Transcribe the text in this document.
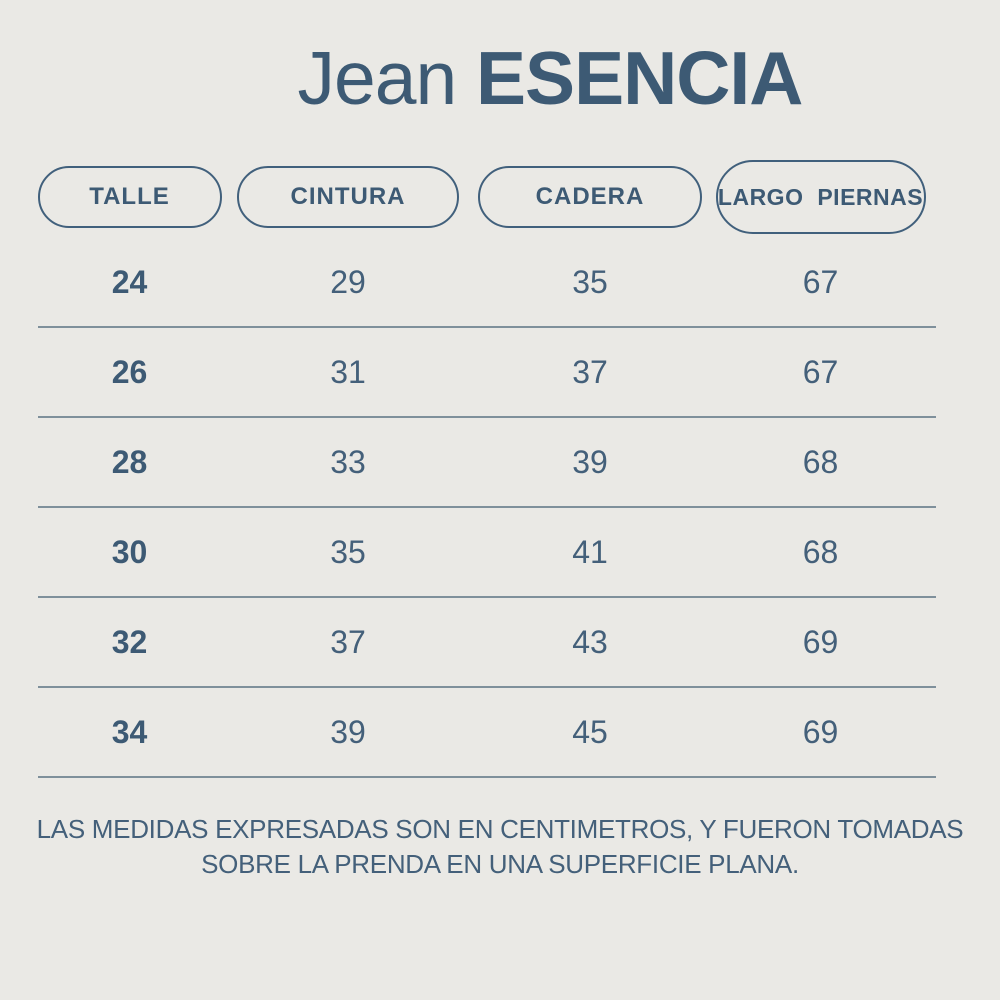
Jean ESENCIA
TALLE	CINTURA	CADERA	LARGO PIERNAS
24	29	35	67
26	31	37	67
28	33	39	68
30	35	41	68
32	37	43	69
34	39	45	69
LAS MEDIDAS EXPRESADAS SON EN CENTIMETROS, Y FUERON TOMADAS
SOBRE LA PRENDA EN UNA SUPERFICIE PLANA.
